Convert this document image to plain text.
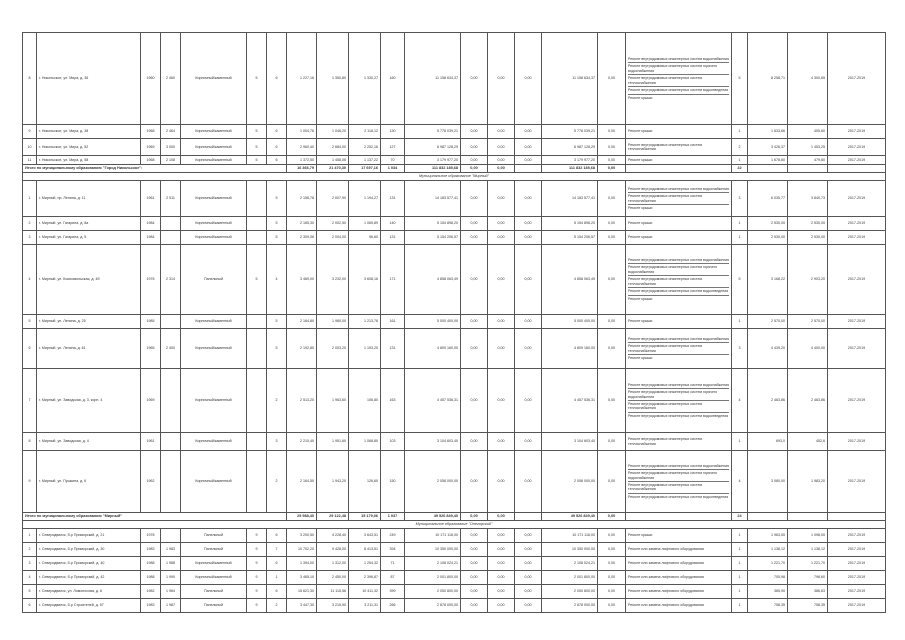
8	г. Никольское, ул. Мира, д. 36	1960	2 460	Кирпичный/каменный	5	6	1 227,16	1 350,80	1 330,27	160	11 158 634,37	0,00	0,00	0,00	11 158 634,37	0,00	Ремонт внутридомовых инженерных систем водоснабжения
Ремонт внутридомовых инженерных систем горячего водоснабжения
Ремонт внутридомовых инженерных систем теплоснабжения
Ремонт внутридомовых инженерных систем водоотведения
Ремонт крыши	5	8 258,71	4 300,65	2017-2019
9	г. Никольское, ул. Мира, д. 38	1968	2 464	Кирпичный/каменный	5	6	1 004,76	1 046,20	2 116,12	130	5 778 039,21	0,00	0,00	0,00	5 778 039,21	0,00	Ремонт крыши	1	1 633,66	405,60	2017-2019
10	г. Никольское, ул. Мира, д. 52	1969	3 000	Кирпичный/каменный	5	6	2 960,40	2 684,00	2 252,16	127	6 987 128,29	0,00	0,00	0,00	6 987 128,29	0,00	Ремонт внутридомовых инженерных систем теплоснабжения	2	3 426,37	1 453,25	2017-2019
11	г. Никольское, ул. Мира, д. 58	1968	2 108	Кирпичный/каменный	5	6	1 372,50	1 458,06	1 137,22	70	3 179 977,20	0,00	0,00	0,00	3 179 977,20	0,00	Ремонт крыши	1	1 678,60	479,60	2017-2019
Итого по муниципальному образованию "Город Никольское":							16 366,79	21 470,30	17 697,16	1 034	111 832 185,68	0,00	0,00		111 832 185,68	0,00		22			
Муниципальное образование "Мирный"																					
1	г. Мирный, пр. Ленина, д. 11	1961	2 511	Кирпичный/каменный		5	2 156,78	2 007,90	1 194,27	131	14 183 577,41	0,00	0,00	0,00	14 183 577,41	0,00	Ремонт внутридомовых инженерных систем водоснабжения
Ремонт внутридомовых инженерных систем теплоснабжения
Ремонт крыши	3	6 035,77	3 840,73	2017-2019
2	г. Мирный, ул. Гагарина, д. 8а	1984		Кирпичный/каменный		5	2 165,30	2 002,50	1 065,89	140	5 154 898,20	0,00	0,00	0,00	5 154 898,20	0,00	Ремонт крыши	1	2 530,00	2 530,00	2017-2019
3	г. Мирный, ул. Гагарина, д. 5	1984		Кирпичный/каменный		5	2 309,06	2 004,00	96,60	131	5 154 206,57	0,00	0,00	0,00	5 154 206,57	0,00	Ремонт крыши	1	2 530,00	2 530,00	2017-2019
4	г. Мирный, ул. Комсомольская, д. 4б	1976	2 314	Панельный	5	4	3 469,00	3 232,00	3 608,16	171	4 858 063,49	0,00	0,00	0,00	4 858 063,49	0,00	Ремонт внутридомовых инженерных систем водоснабжения
Ремонт внутридомовых инженерных систем горячего водоснабжения
Ремонт внутридомовых инженерных систем теплоснабжения
Ремонт внутридомовых инженерных систем водоотведения
Ремонт крыши	5	3 168,22	2 903,20	2017-2019
5	г. Мирный, ул. Ленина, д. 25	1985		Кирпичный/каменный		5	2 164,80	1 980,00	1 213,76	161	5 000 400,00	0,00	0,00	0,00	5 000 400,00	0,00	Ремонт крыши	1	2 570,00	2 570,00	2017-2019
6	г. Мирный, ул. Ленина, д. 61	1965	2 400	Кирпичный/каменный		5	2 192,80	2 003,20	1 193,20	131	4 809 160,00	0,00	0,00	0,00	4 809 160,00	0,00	Ремонт внутридомовых инженерных систем водоснабжения
Ремонт внутридомовых инженерных систем теплоснабжения
Ремонт крыши	3	4 439,20	4 400,00	2017-2019
7	г. Мирный, ул. Заводская, д. 3, корп. 4	1969		Кирпичный/каменный		2	2 513,20	1 963,60	106,80	163	4 457 536,31	0,00	0,00	0,00	4 457 536,31	0,00	Ремонт внутридомовых инженерных систем водоснабжения
Ремонт внутридомовых инженерных систем горячего водоснабжения
Ремонт внутридомовых инженерных систем теплоснабжения
Ремонт внутридомовых инженерных систем водоотведения	4	2 463,86	2 463,86	2017-2019
8	г. Мирный, ул. Заводская, д. 4	1961		Кирпичный/каменный		3	2 210,40	1 951,60	1 068,80	103	3 104 603,40	0,00	0,00	0,00	3 104 603,40	0,00	Ремонт внутридомовых инженерных систем теплоснабжения	1	693,0	452,6	2017-2019
9	г. Мирный, ул. Пушкина, д. 6	1962		Кирпичный/каменный		2	2 164,50	1 943,20	126,60	150	2 058 000,00	0,00	0,00	0,00	2 058 000,00	0,00	Ремонт внутридомовых инженерных систем водоснабжения
Ремонт внутридомовых инженерных систем горячего водоснабжения
Ремонт внутридомовых инженерных систем теплоснабжения
Ремонт внутридомовых инженерных систем водоотведения	4	3 080,00	1 983,20	2017-2019
Итого по муниципальному образованию "Мирный"							25 988,40	29 122,48	15 179,06	1 037	49 526 849,40	0,00	0,00		49 526 849,40	0,00		24			
Муниципальное образование "Онегорский"																					
1	г. Северодвинск, б-р Приморский, д. 21	1978		Панельный	9	6	3 200,50	4 228,40	3 643,51	249	10 171 116,00	0,00	0,00	0,00	10 171 116,00	0,00	Ремонт крыши	1	1 963,00	1 098,00	2017-2019
2	г. Северодвинск, б-р Приморский, д. 30	1983	1 983	Панельный	9	7	10 702,20	9 428,00	8 413,51	394	10 350 000,00	0,00	0,00	0,00	10 350 000,00	0,00	Ремонт или замена лифтового оборудования	1	1 138,12	1 138,12	2017-2019
3	г. Северодвинск, б-р Приморский, д. 40	1988	1 988	Кирпичный/каменный	9	6	1 394,00	1 312,00	1 254,32	71	2 108 024,21	0,00	0,00	0,00	2 108 024,21	0,00	Ремонт или замена лифтового оборудования	1	1 221,70	1 221,70	2017-2019
4	г. Северодвинск, б-р Приморский, д. 42	1988	1 990	Кирпичный/каменный	9	1	3 465,10	2 450,00	2 396,87	87	2 001 800,00	0,00	0,00	0,00	2 001 800,00	0,00	Ремонт или замена лифтового оборудования	1	705,98	798,60	2017-2019
5	г. Северодвинск, ул. Ломоносова, д. 6	1982	1 984	Панельный	9	6	15 621,30	11 115,56	10 411,32	399	2 050 800,00	0,00	0,00	0,00	2 050 800,00	0,00	Ремонт или замена лифтового оборудования	1	365,90	386,63	2017-2019
6	г. Северодвинск, б-р Строителей, д. 57	1983	1 987	Панельный	9	2	3 447,30	3 215,90	3 211,31	266	2 878 000,00	0,00	0,00	0,00	2 878 000,00	0,00	Ремонт или замена лифтового оборудования	1	758,35	758,35	2017-2019
